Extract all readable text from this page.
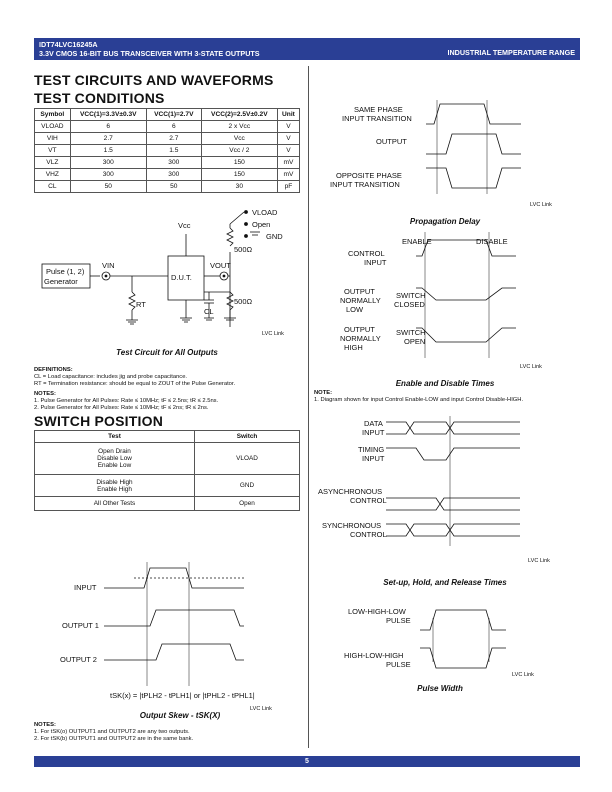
IDT74LVC16245A
3.3V CMOS 16-BIT BUS TRANSCEIVER WITH 3-STATE OUTPUTS	INDUSTRIAL TEMPERATURE RANGE
TEST CIRCUITS AND WAVEFORMS
TEST CONDITIONS
Symbol	VCC(1)=3.3V±0.3V	VCC(1)=2.7V	VCC(2)=2.5V±0.2V	Unit
VLOAD	6	6	2 x Vcc	V
VIH	2.7	2.7	Vcc	V
VT	1.5	1.5	Vcc / 2	V
VLZ	300	300	150	mV
VHZ	300	300	150	mV
CL	50	50	30	pF
Pulse (1, 2)
Generator
VIN
Vcc
D.U.T.
VOUT
RT
CL
500Ω
500Ω
VLOAD
Open
GND
LVC Link
Test Circuit for All Outputs
DEFINITIONS:
CL = Load capacitance: includes jig and probe capacitance.
RT = Termination resistance: should be equal to ZOUT of the Pulse Generator.
NOTES:
1. Pulse Generator for All Pulses: Rate ≤ 10MHz; tF ≤ 2.5ns; tR ≤ 2.5ns.
2. Pulse Generator for All Pulses: Rate ≤ 10MHz; tF ≤ 2ns; tR ≤ 2ns.
SWITCH POSITION
Test	Switch

Open Drain
Disable Low
Enable Low	VLOAD

Disable High
Enable High	GND
All Other Tests	Open
INPUT
OUTPUT 1
OUTPUT 2
tSK(x) = |tPLH2 - tPLH1| or |tPHL2 - tPHL1|
LVC Link
Output Skew - tSK(X)
NOTES:
1. For tSK(o) OUTPUT1 and OUTPUT2 are any two outputs.
2. For tSK(b) OUTPUT1 and OUTPUT2 are in the same bank.
SAME PHASE
INPUT TRANSITION
OUTPUT
OPPOSITE PHASE
INPUT TRANSITION
LVC Link
Propagation Delay
ENABLE	DISABLE
CONTROL
INPUT
OUTPUT
NORMALLY
LOW
OUTPUT
NORMALLY
HIGH
SWITCH
CLOSED
SWITCH
OPEN
LVC Link
Enable and Disable Times
NOTE:
1. Diagram shown for input Control Enable-LOW and input Control Disable-HIGH.
DATA
INPUT
TIMING
INPUT
ASYNCHRONOUS
CONTROL
SYNCHRONOUS
CONTROL
LVC Link
Set-up, Hold, and Release Times
LOW-HIGH-LOW
PULSE
HIGH-LOW-HIGH
PULSE
LVC Link
Pulse Width
5
